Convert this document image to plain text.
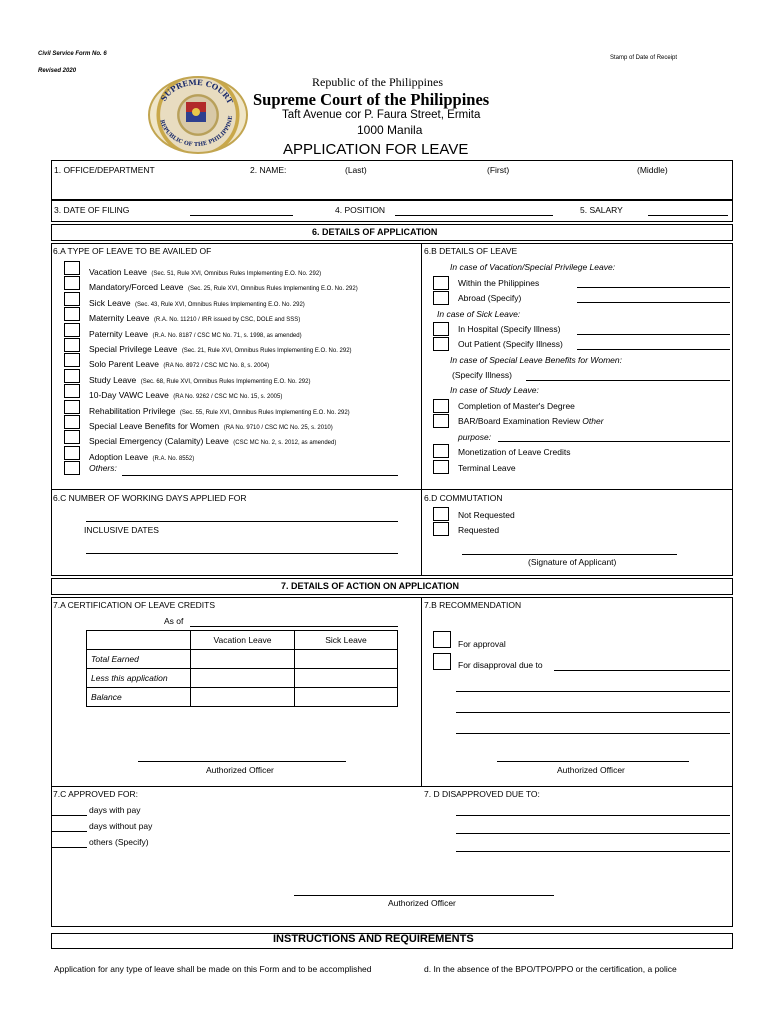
Civil Service Form No. 6
Revised 2020
Stamp of Date of Receipt
SUPREME COURT
REPUBLIC OF THE PHILIPPINE
Republic of the Philippines
Supreme Court of the Philippines
Taft Avenue cor P. Faura Street, Ermita
1000 Manila
APPLICATION FOR LEAVE
1. OFFICE/DEPARTMENT	2. NAME:	(Last)	(First)	(Middle)
3. DATE OF FILING	4. POSITION	5. SALARY
6. DETAILS OF APPLICATION
6.A TYPE OF LEAVE TO BE AVAILED OF	6.B DETAILS OF LEAVE
Vacation Leave (Sec. 51, Rule XVI, Omnibus Rules Implementing E.O. No. 292)
Mandatory/Forced Leave (Sec. 25, Rule XVI, Omnibus Rules Implementing E.O. No. 292)
Sick Leave (Sec. 43, Rule XVI, Omnibus Rules Implementing E.O. No. 292)
Maternity Leave (R.A. No. 11210 / IRR issued by CSC, DOLE and SSS)
Paternity Leave (R.A. No. 8187 / CSC MC No. 71, s. 1998, as amended)
Special Privilege Leave (Sec. 21, Rule XVI, Omnibus Rules Implementing E.O. No. 292)
Solo Parent Leave (RA No. 8972 / CSC MC No. 8, s. 2004)
Study Leave (Sec. 68, Rule XVI, Omnibus Rules Implementing E.O. No. 292)
10-Day VAWC Leave (RA No. 9262 / CSC MC No. 15, s. 2005)
Rehabilitation Privilege (Sec. 55, Rule XVI, Omnibus Rules Implementing E.O. No. 292)
Special Leave Benefits for Women (RA No. 9710 / CSC MC No. 25, s. 2010)
Special Emergency (Calamity) Leave (CSC MC No. 2, s. 2012, as amended)
Adoption Leave (R.A. No. 8552)
Others:
In case of Vacation/Special Privilege Leave:
Within the Philippines
Abroad (Specify)
In case of Sick Leave:
In Hospital (Specify Illness)
Out Patient (Specify Illness)
In case of Special Leave Benefits for Women:
(Specify Illness)
In case of Study Leave:
Completion of Master's Degree
BAR/Board Examination Review Other
purpose:
Monetization of Leave Credits
Terminal Leave
6.C NUMBER OF WORKING DAYS APPLIED FOR
INCLUSIVE DATES
6.D COMMUTATION
Not Requested
Requested
(Signature of Applicant)
7. DETAILS OF ACTION ON APPLICATION
7.A CERTIFICATION OF LEAVE CREDITS
As of
	Vacation Leave	Sick Leave
Total Earned		
Less this application		
Balance		
Authorized Officer
7.B RECOMMENDATION
For approval
For disapproval due to
Authorized Officer
7.C APPROVED FOR:
days with pay
days without pay
others (Specify)
7. D DISAPPROVED DUE TO:
Authorized Officer
INSTRUCTIONS AND REQUIREMENTS
Application for any type of leave shall be made on this Form and to be accomplished	d. In the absence of the BPO/TPO/PPO or the certification, a police
